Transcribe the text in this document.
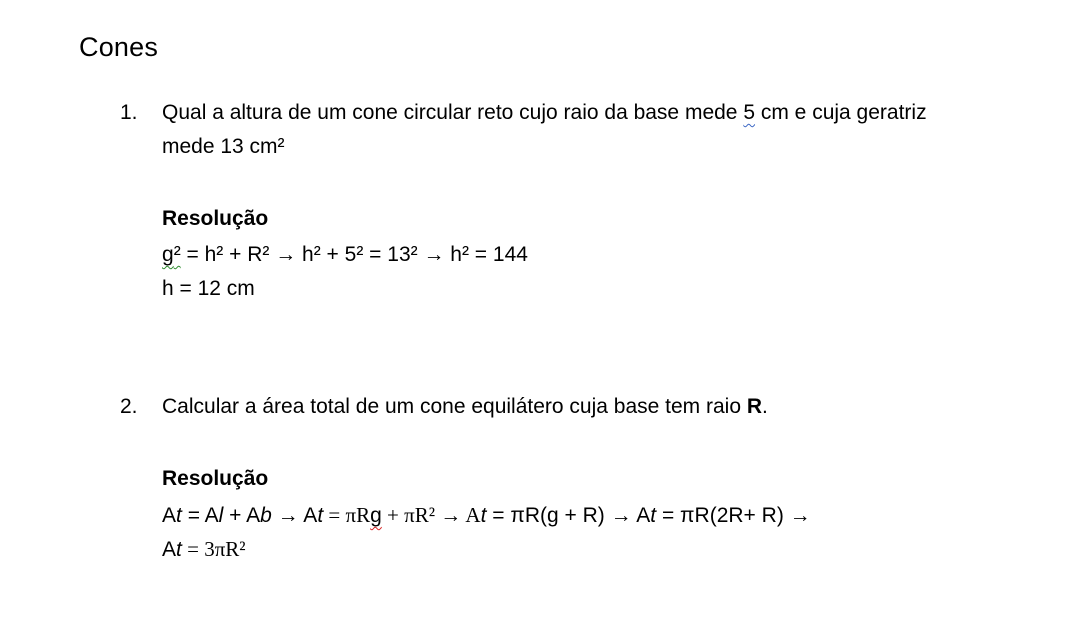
Cones
1. Qual a altura de um cone circular reto cujo raio da base mede 5 cm e cuja geratriz
mede 13 cm²
Resolução
g² = h² + R² → h² + 5² = 13² → h² = 144
h = 12 cm
2. Calcular a área total de um cone equilátero cuja base tem raio R.
Resolução
At = Al + Ab → At = πRg + πR² → At = πR(g + R) → At = πR(2R+ R) →
At = 3πR²
